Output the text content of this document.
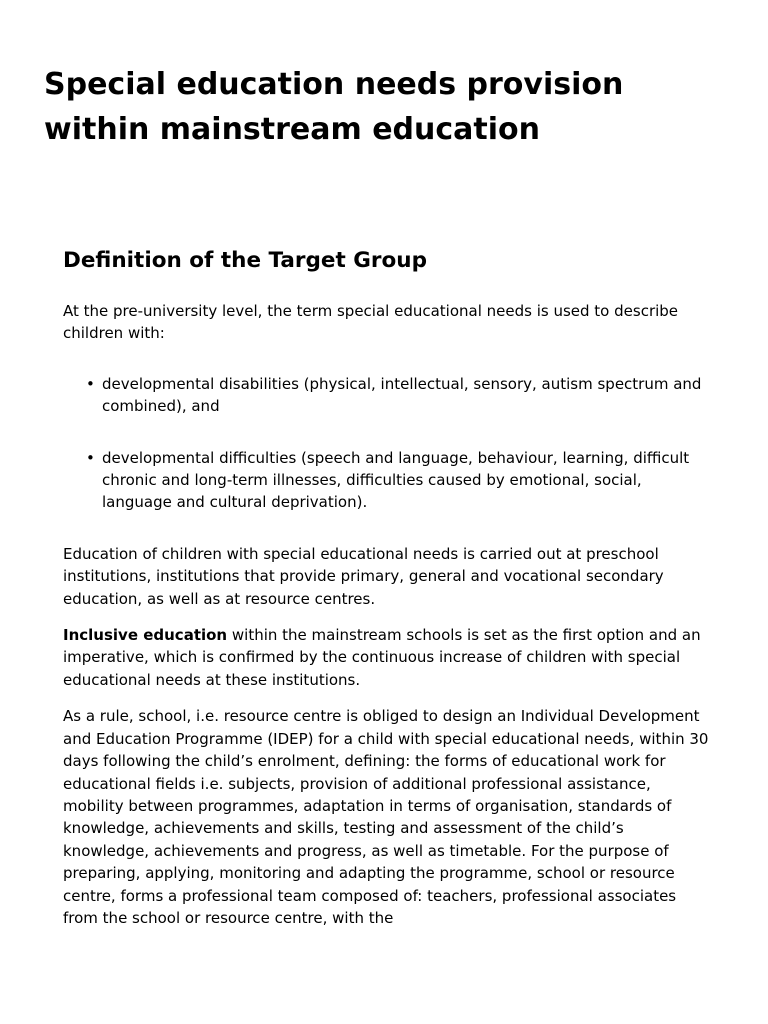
Special education needs provision within mainstream education
Definition of the Target Group

At the pre-university level, the term special educational needs is used to describe children with:

• developmental disabilities (physical, intellectual, sensory, autism spectrum and combined), and
• developmental difficulties (speech and language, behaviour, learning, difficult chronic and long-term illnesses, difficulties caused by emotional, social, language and cultural deprivation).

Education of children with special educational needs is carried out at preschool institutions, institutions that provide primary, general and vocational secondary education, as well as at resource centres.

Inclusive education within the mainstream schools is set as the first option and an imperative, which is confirmed by the continuous increase of children with special educational needs at these institutions.

As a rule, school, i.e. resource centre is obliged to design an Individual Development and Education Programme (IDEP) for a child with special educational needs, within 30 days following the child’s enrolment, defining: the forms of educational work for educational fields i.e. subjects, provision of additional professional assistance, mobility between programmes, adaptation in terms of organisation, standards of knowledge, achievements and skills, testing and assessment of the child’s knowledge, achievements and progress, as well as timetable. For the purpose of preparing, applying, monitoring and adapting the programme, school or resource centre, forms a professional team composed of: teachers, professional associates from the school or resource centre, with the
